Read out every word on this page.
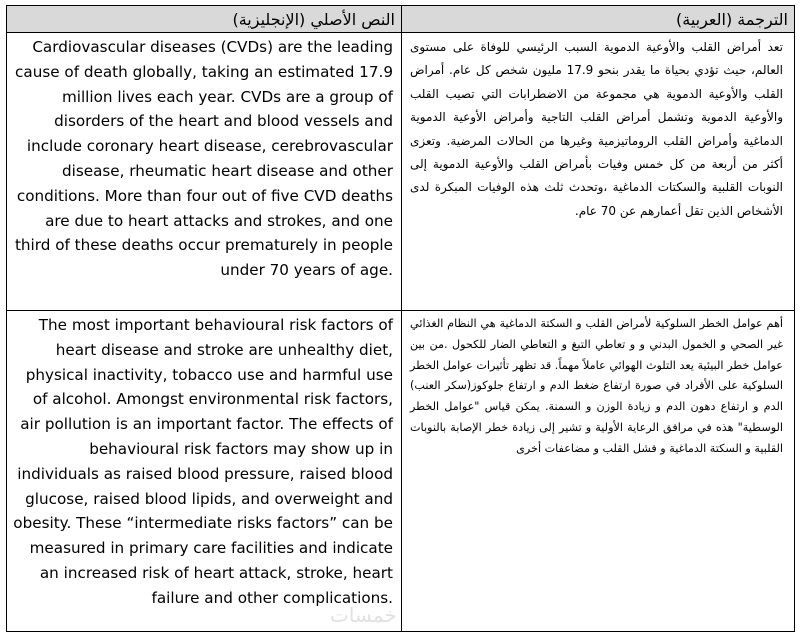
النص الأصلي (الإنجليزية)	الترجمة (العربية)
Cardiovascular diseases (CVDs) are the leading cause of death globally, taking an estimated 17.9 million lives each year. CVDs are a group of disorders of the heart and blood vessels and include coronary heart disease, cerebrovascular disease, rheumatic heart disease and other conditions. More than four out of five CVD deaths are due to heart attacks and strokes, and one third of these deaths occur prematurely in people under 70 years of age.
تعد أمراض القلب والأوعية الدموية السبب الرئيسي للوفاة على مستوى العالم، حيث تؤدي بحياة ما يقدر بنحو 17.9 مليون شخص كل عام. أمراض القلب والأوعية الدموية هي مجموعة من الاضطرابات التي تصيب القلب والأوعية الدموية وتشمل أمراض القلب التاجية وأمراض الأوعية الدموية الدماغية وأمراض القلب الروماتيزمية وغيرها من الحالات المرضية. وتعزى أكثر من أربعة من كل خمس وفيات بأمراض القلب والأوعية الدموية إلى النوبات القلبية والسكتات الدماغية ،وتحدث ثلث هذه الوفيات المبكرة لدى الأشخاص الذين تقل أعمارهم عن 70 عام.
The most important behavioural risk factors of heart disease and stroke are unhealthy diet, physical inactivity, tobacco use and harmful use of alcohol. Amongst environmental risk factors, air pollution is an important factor. The effects of behavioural risk factors may show up in individuals as raised blood pressure, raised blood glucose, raised blood lipids, and overweight and obesity. These “intermediate risks factors” can be measured in primary care facilities and indicate an increased risk of heart attack, stroke, heart failure and other complications.
أهم عوامل الخطر السلوكية لأمراض القلب و السكتة الدماغية هي النظام الغذائي غير الصحي و الخمول البدني و و تعاطي التبغ و التعاطي الضار للكحول .من بين عوامل خطر البيئية يعد التلوث الهوائي عاملاً مهماً. قد تظهر تأثيرات عوامل الخطر السلوكية على الأفراد في صورة ارتفاع ضغط الدم و ارتفاع جلوكوز(سكر العنب) الدم و ارتفاع دهون الدم و زيادة الوزن و السمنة. يمكن قياس "عوامل الخطر الوسطية" هذه في مرافق الرعاية الأولية و تشير إلى زيادة خطر الإصابة بالنوبات القلبية و السكتة الدماغية و فشل القلب و مضاعفات أخرى
خمسات
